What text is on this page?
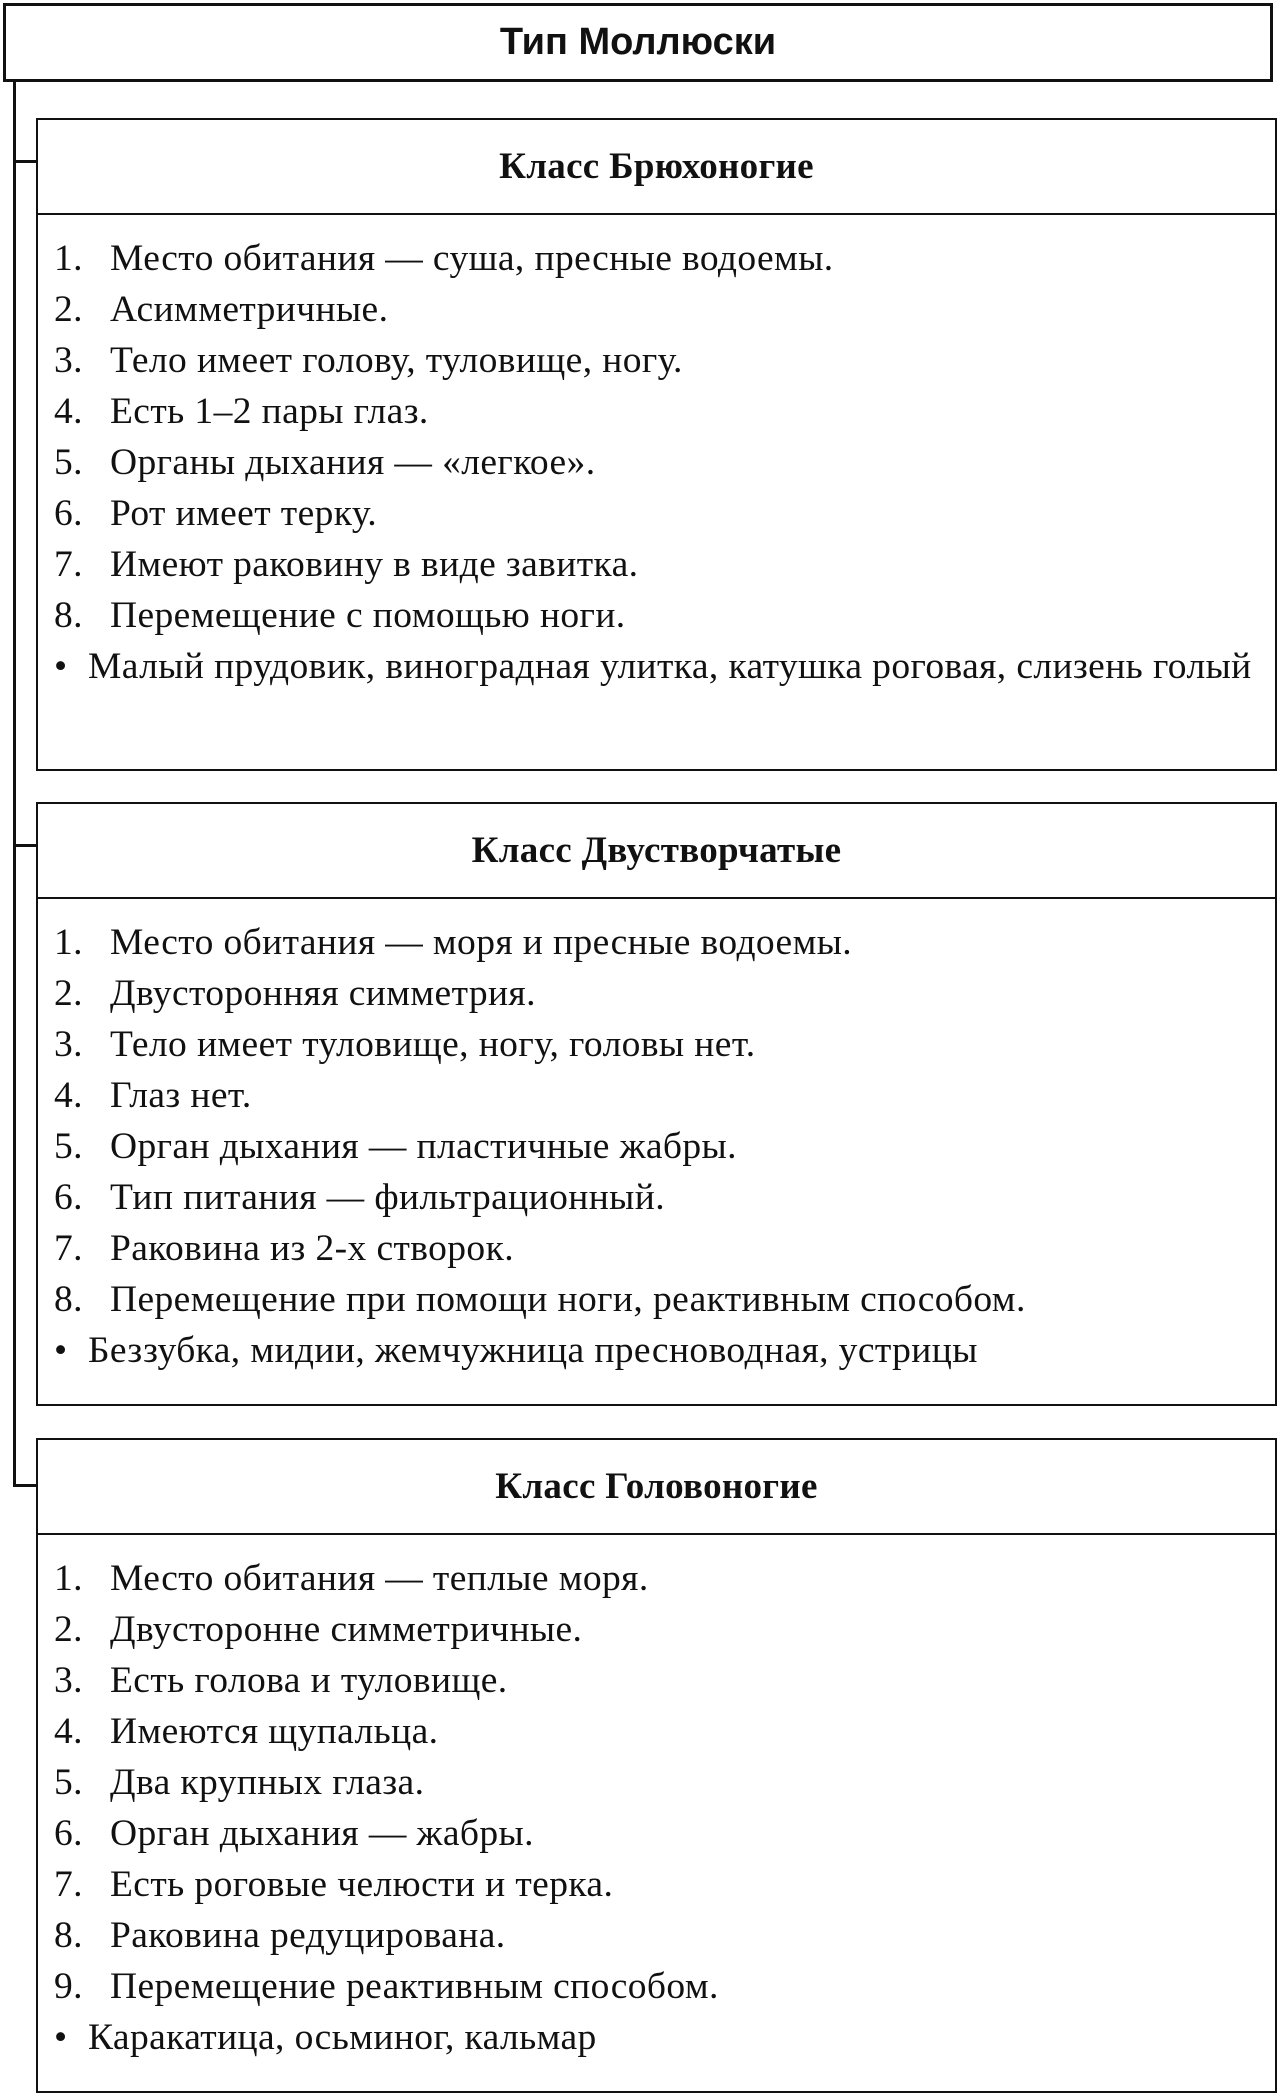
Тип Моллюски
Класс Брюхоногие
1. Место обитания — суша, пресные водоемы.
2. Асимметричные.
3. Тело имеет голову, туловище, ногу.
4. Есть 1–2 пары глаз.
5. Органы дыхания — «легкое».
6. Рот имеет терку.
7. Имеют раковину в виде завитка.
8. Перемещение с помощью ноги.
• Малый прудовик, виноградная улитка, катушка роговая, слизень голый
Класс Двустворчатые
1. Место обитания — моря и пресные водоемы.
2. Двусторонняя симметрия.
3. Тело имеет туловище, ногу, головы нет.
4. Глаз нет.
5. Орган дыхания — пластичные жабры.
6. Тип питания — фильтрационный.
7. Раковина из 2-х створок.
8. Перемещение при помощи ноги, реактивным способом.
• Беззубка, мидии, жемчужница пресноводная, устрицы
Класс Головоногие
1. Место обитания — теплые моря.
2. Двусторонне симметричные.
3. Есть голова и туловище.
4. Имеются щупальца.
5. Два крупных глаза.
6. Орган дыхания — жабры.
7. Есть роговые челюсти и терка.
8. Раковина редуцирована.
9. Перемещение реактивным способом.
• Каракатица, осьминог, кальмар
